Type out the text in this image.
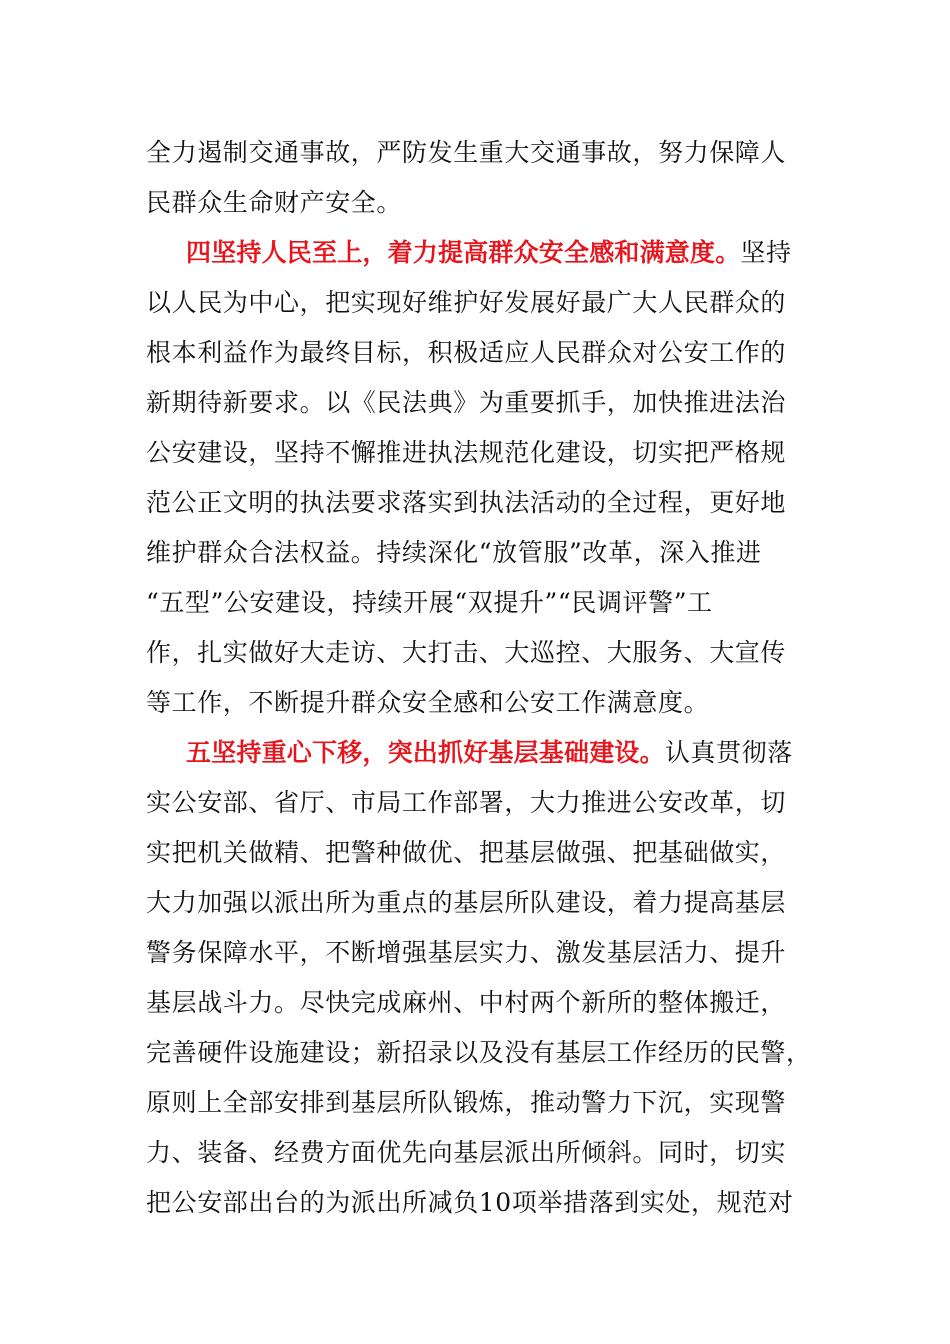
全力遏制交通事故，严防发生重大交通事故，努力保障人
民群众生命财产安全。
四坚持人民至上，着力提高群众安全感和满意度。坚持
以人民为中心，把实现好维护好发展好最广大人民群众的
根本利益作为最终目标，积极适应人民群众对公安工作的
新期待新要求。以《民法典》为重要抓手，加快推进法治
公安建设，坚持不懈推进执法规范化建设，切实把严格规
范公正文明的执法要求落实到执法活动的全过程，更好地
维护群众合法权益。持续深化“放管服”改革，深入推进
“五型”公安建设，持续开展“双提升”“民调评警”工
作，扎实做好大走访、大打击、大巡控、大服务、大宣传
等工作，不断提升群众安全感和公安工作满意度。
五坚持重心下移，突出抓好基层基础建设。认真贯彻落
实公安部、省厅、市局工作部署，大力推进公安改革，切
实把机关做精、把警种做优、把基层做强、把基础做实，
大力加强以派出所为重点的基层所队建设，着力提高基层
警务保障水平，不断增强基层实力、激发基层活力、提升
基层战斗力。尽快完成麻州、中村两个新所的整体搬迁，
完善硬件设施建设；新招录以及没有基层工作经历的民警，
原则上全部安排到基层所队锻炼，推动警力下沉，实现警
力、装备、经费方面优先向基层派出所倾斜。同时，切实
把公安部出台的为派出所减负10项举措落到实处，规范对
